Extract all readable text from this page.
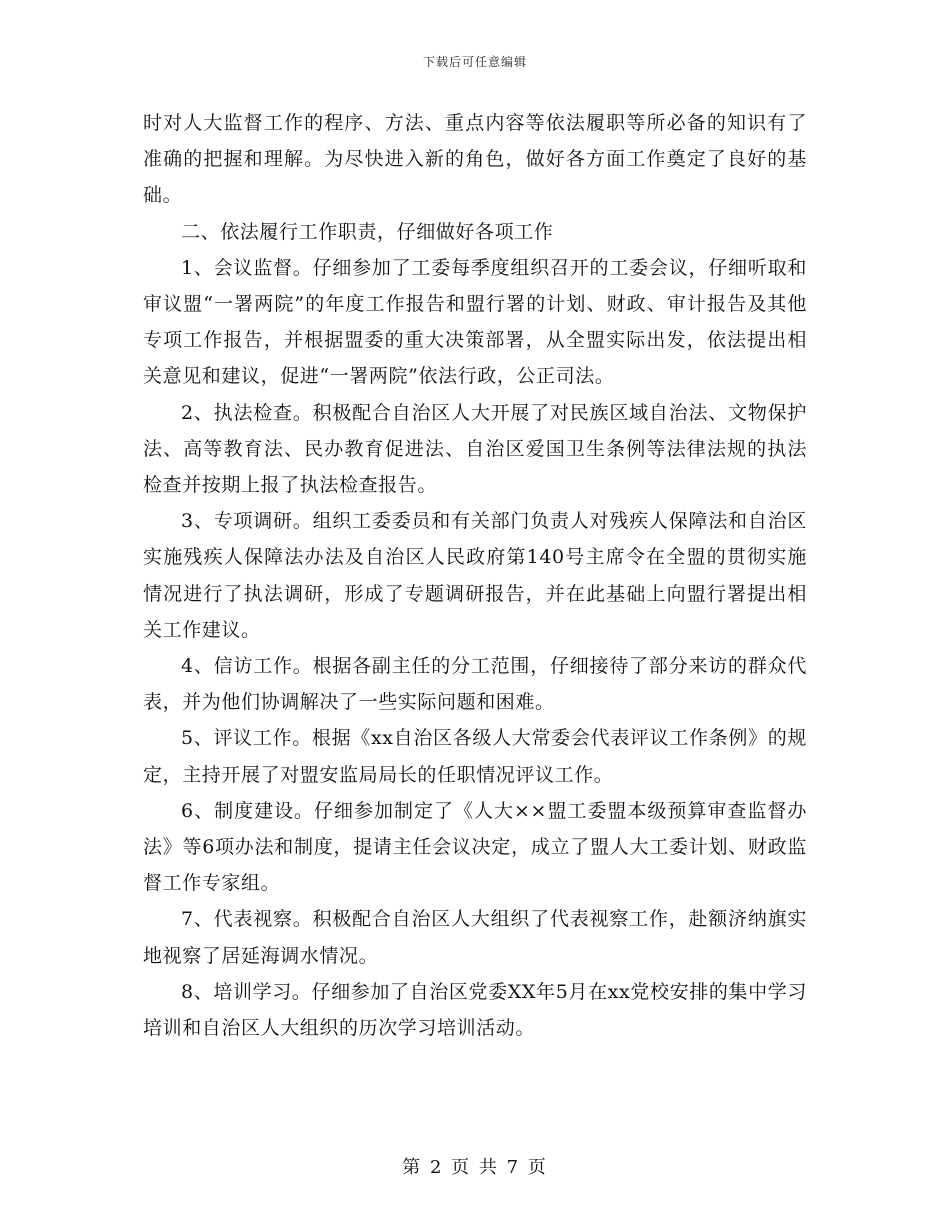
下载后可任意编辑

时对人大监督工作的程序、方法、重点内容等依法履职等所必备的知识有了准确的把握和理解。为尽快进入新的角色，做好各方面工作奠定了良好的基础。

二、依法履行工作职责，仔细做好各项工作

1、会议监督。仔细参加了工委每季度组织召开的工委会议，仔细听取和审议盟“一署两院”的年度工作报告和盟行署的计划、财政、审计报告及其他专项工作报告，并根据盟委的重大决策部署，从全盟实际出发，依法提出相关意见和建议，促进“一署两院”依法行政，公正司法。

2、执法检查。积极配合自治区人大开展了对民族区域自治法、文物保护法、高等教育法、民办教育促进法、自治区爱国卫生条例等法律法规的执法检查并按期上报了执法检查报告。

3、专项调研。组织工委委员和有关部门负责人对残疾人保障法和自治区实施残疾人保障法办法及自治区人民政府第140号主席令在全盟的贯彻实施情况进行了执法调研，形成了专题调研报告，并在此基础上向盟行署提出相关工作建议。

4、信访工作。根据各副主任的分工范围，仔细接待了部分来访的群众代表，并为他们协调解决了一些实际问题和困难。

5、评议工作。根据《xx自治区各级人大常委会代表评议工作条例》的规定，主持开展了对盟安监局局长的任职情况评议工作。

6、制度建设。仔细参加制定了《人大××盟工委盟本级预算审查监督办法》等6项办法和制度，提请主任会议决定，成立了盟人大工委计划、财政监督工作专家组。

7、代表视察。积极配合自治区人大组织了代表视察工作，赴额济纳旗实地视察了居延海调水情况。

8、培训学习。仔细参加了自治区党委XX年5月在xx党校安排的集中学习培训和自治区人大组织的历次学习培训活动。

第 2 页 共 7 页
